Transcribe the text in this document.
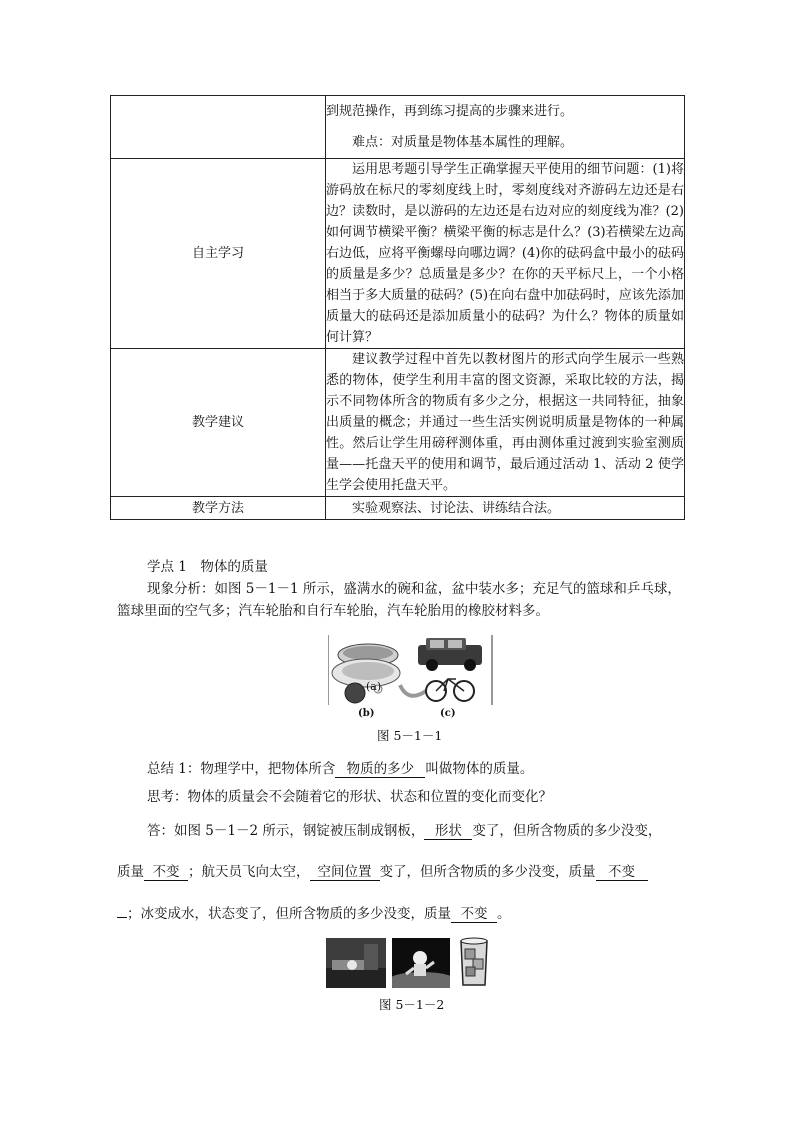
	到规范操作，再到练习提高的步骤来进行。

难点：对质量是物体基本属性的理解。

自主学习	运用思考题引导学生正确掌握天平使用的细节问题：(1)将游码放在标尺的零刻度线上时，零刻度线对齐游码左边还是右边？读数时，是以游码的左边还是右边对应的刻度线为准？(2)如何调节横梁平衡？横梁平衡的标志是什么？(3)若横梁左边高右边低，应将平衡螺母向哪边调？(4)你的砝码盒中最小的砝码的质量是多少？总质量是多少？在你的天平标尺上，一个小格相当于多大质量的砝码？(5)在向右盘中加砝码时，应该先添加质量大的砝码还是添加质量小的砝码？为什么？物体的质量如何计算？

教学建议	建议教学过程中首先以教材图片的形式向学生展示一些熟悉的物体，使学生利用丰富的图文资源，采取比较的方法，揭示不同物体所含的物质有多少之分，根据这一共同特征，抽象出质量的概念；并通过一些生活实例说明质量是物体的一种属性。然后让学生用磅秤测体重，再由测体重过渡到实验室测质量——托盘天平的使用和调节，最后通过活动 1、活动 2 使学生学会使用托盘天平。

教学方法	实验观察法、讨论法、讲练结合法。

学点 1　物体的质量
现象分析：如图 5－1－1 所示，盛满水的碗和盆，盆中装水多；充足气的篮球和乒乓球，
篮球里面的空气多；汽车轮胎和自行车轮胎，汽车轮胎用的橡胶材料多。
(a)
(b)	(c)
图 5－1－1
总结 1：物理学中，把物体所含 物质的多少 叫做物体的质量。
思考：物体的质量会不会随着它的形状、状态和位置的变化而变化？
答：如图 5－1－2 所示，钢锭被压制成钢板， 形状 变了，但所含物质的多少没变，
质量 不变 ；航天员飞向太空， 空间位置 变了，但所含物质的多少没变，质量 不变
；冰变成水，状态变了，但所含物质的多少没变，质量 不变 。
图 5－1－2
